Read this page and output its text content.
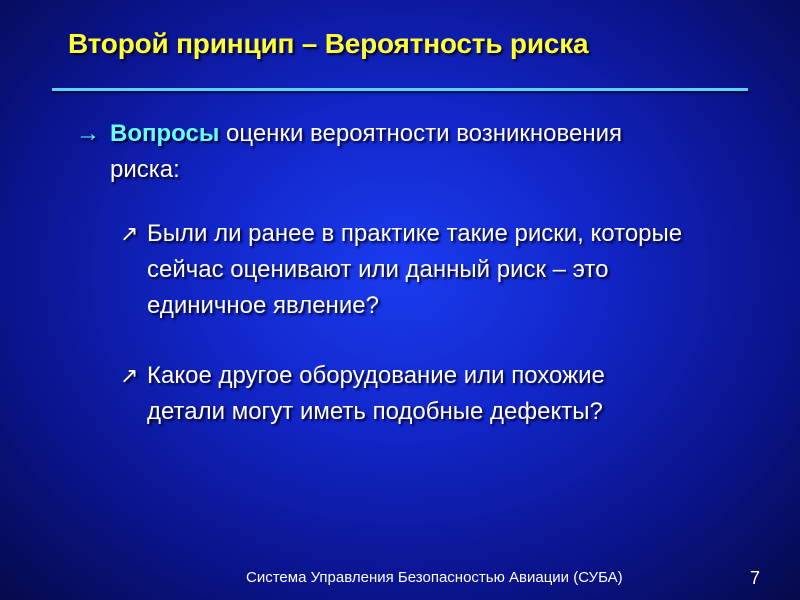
Второй принцип – Вероятность риска
→ Вопросы оценки вероятности возникновения
риска:
↗ Были ли ранее в практике такие риски, которые
сейчас оценивают или данный риск – это
единичное явление?
↗ Какое другое оборудование или похожие
детали могут иметь подобные дефекты?
Система Управления Безопасностью Авиации (СУБА)	7
